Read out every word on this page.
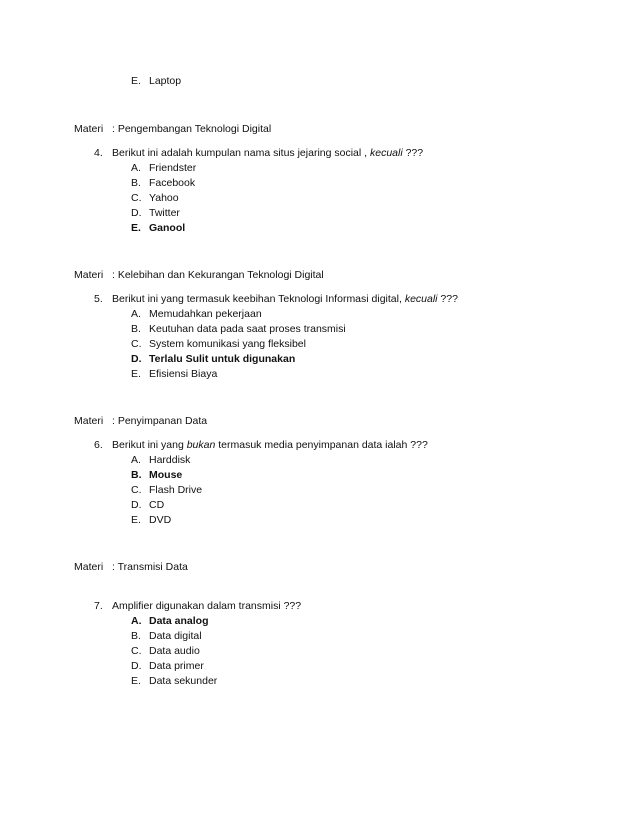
E. Laptop
Materi : Pengembangan Teknologi Digital
4. Berikut ini adalah kumpulan nama situs jejaring social , kecuali ???
A. Friendster
B. Facebook
C. Yahoo
D. Twitter
E. Ganool
Materi : Kelebihan dan Kekurangan Teknologi Digital
5. Berikut ini yang termasuk keebihan Teknologi Informasi digital, kecuali ???
A. Memudahkan pekerjaan
B. Keutuhan data pada saat proses transmisi
C. System komunikasi yang fleksibel
D. Terlalu Sulit untuk digunakan
E. Efisiensi Biaya
Materi : Penyimpanan Data
6. Berikut ini yang bukan termasuk media penyimpanan data ialah ???
A. Harddisk
B. Mouse
C. Flash Drive
D. CD
E. DVD
Materi : Transmisi Data
7. Amplifier digunakan dalam transmisi ???
A. Data analog
B. Data digital
C. Data audio
D. Data primer
E. Data sekunder
